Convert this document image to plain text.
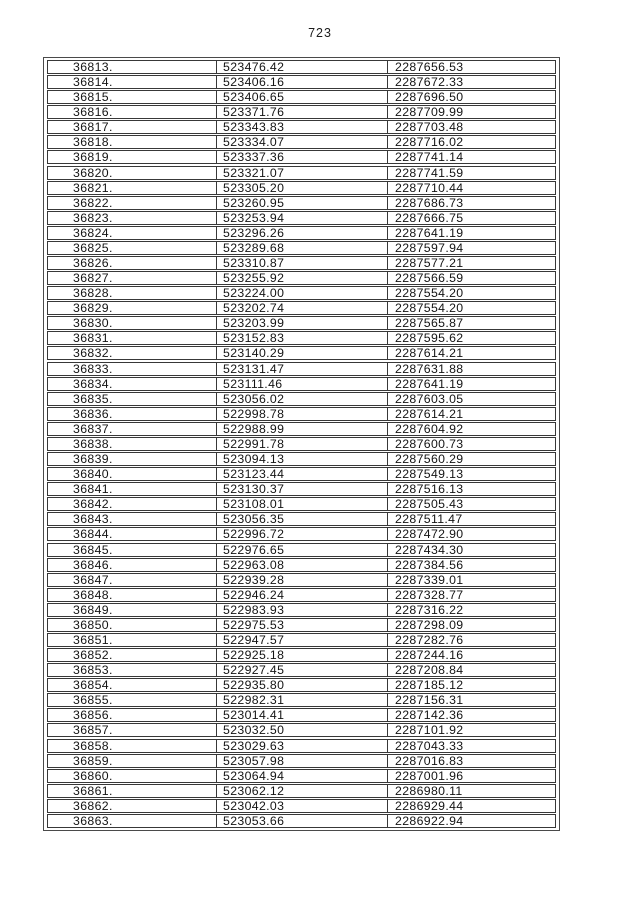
723
36813.	523476.42	2287656.53
36814.	523406.16	2287672.33
36815.	523406.65	2287696.50
36816.	523371.76	2287709.99
36817.	523343.83	2287703.48
36818.	523334.07	2287716.02
36819.	523337.36	2287741.14
36820.	523321.07	2287741.59
36821.	523305.20	2287710.44
36822.	523260.95	2287686.73
36823.	523253.94	2287666.75
36824.	523296.26	2287641.19
36825.	523289.68	2287597.94
36826.	523310.87	2287577.21
36827.	523255.92	2287566.59
36828.	523224.00	2287554.20
36829.	523202.74	2287554.20
36830.	523203.99	2287565.87
36831.	523152.83	2287595.62
36832.	523140.29	2287614.21
36833.	523131.47	2287631.88
36834.	523111.46	2287641.19
36835.	523056.02	2287603.05
36836.	522998.78	2287614.21
36837.	522988.99	2287604.92
36838.	522991.78	2287600.73
36839.	523094.13	2287560.29
36840.	523123.44	2287549.13
36841.	523130.37	2287516.13
36842.	523108.01	2287505.43
36843.	523056.35	2287511.47
36844.	522996.72	2287472.90
36845.	522976.65	2287434.30
36846.	522963.08	2287384.56
36847.	522939.28	2287339.01
36848.	522946.24	2287328.77
36849.	522983.93	2287316.22
36850.	522975.53	2287298.09
36851.	522947.57	2287282.76
36852.	522925.18	2287244.16
36853.	522927.45	2287208.84
36854.	522935.80	2287185.12
36855.	522982.31	2287156.31
36856.	523014.41	2287142.36
36857.	523032.50	2287101.92
36858.	523029.63	2287043.33
36859.	523057.98	2287016.83
36860.	523064.94	2287001.96
36861.	523062.12	2286980.11
36862.	523042.03	2286929.44
36863.	523053.66	2286922.94
